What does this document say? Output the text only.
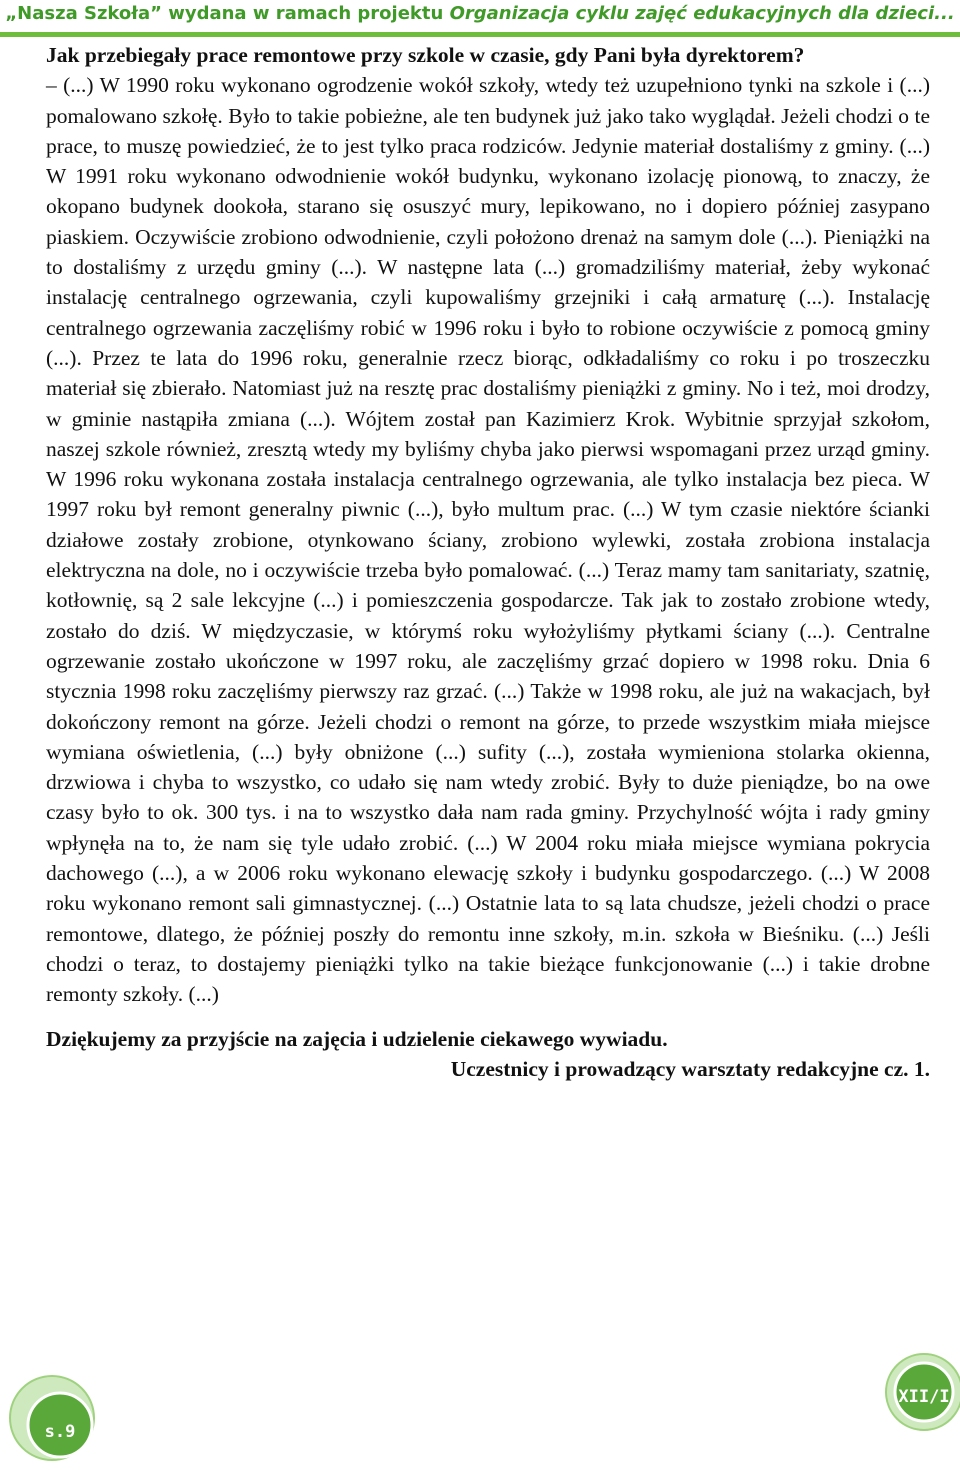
„Nasza Szkoła” wydana w ramach projektu Organizacja cyklu zajęć edukacyjnych dla dzieci...
Jak przebiegały prace remontowe przy szkole w czasie, gdy Pani była dyrektorem?
– (...) W 1990 roku wykonano ogrodzenie wokół szkoły, wtedy też uzupełniono tynki na szkole i (...) pomalowano szkołę. Było to takie pobieżne, ale ten budynek już jako tako wyglądał. Jeżeli chodzi o te prace, to muszę powiedzieć, że to jest tylko praca rodziców. Jedynie materiał dostaliśmy z gminy. (...) W 1991 roku wykonano odwodnienie wokół budynku, wykonano izolację pionową, to znaczy, że okopano budynek dookoła, starano się osuszyć mury, lepikowano, no i dopiero później zasypano piaskiem. Oczywiście zrobiono odwodnienie, czyli położono drenaż na samym dole (...). Pieniążki na to dostaliśmy z urzędu gminy (...). W następne lata (...) gromadziliśmy materiał, żeby wykonać instalację centralnego ogrzewania, czyli kupowaliśmy grzejniki i całą armaturę (...). Instalację centralnego ogrzewania zaczęliśmy robić w 1996 roku i było to robione oczywiście z pomocą gminy (...). Przez te lata do 1996 roku, generalnie rzecz biorąc, odkładaliśmy co roku i po troszeczku materiał się zbierało. Natomiast już na resztę prac dostaliśmy pieniążki z gminy. No i też, moi drodzy, w gminie nastąpiła zmiana (...). Wójtem został pan Kazimierz Krok. Wybitnie sprzyjał szkołom, naszej szkole również, zresztą wtedy my byliśmy chyba jako pierwsi wspomagani przez urząd gminy. W 1996 roku wykonana została instalacja centralnego ogrzewania, ale tylko instalacja bez pieca. W 1997 roku był remont generalny piwnic (...), było multum prac. (...) W tym czasie niektóre ścianki działowe zostały zrobione, otynkowano ściany, zrobiono wylewki, została zrobiona instalacja elektryczna na dole, no i oczywiście trzeba było pomalować. (...) Teraz mamy tam sanitariaty, szatnię, kotłownię, są 2 sale lekcyjne (...) i pomieszczenia gospodarcze. Tak jak to zostało zrobione wtedy, zostało do dziś. W międzyczasie, w którymś roku wyłożyliśmy płytkami ściany (...). Centralne ogrzewanie zostało ukończone w 1997 roku, ale zaczęliśmy grzać dopiero w 1998 roku. Dnia 6 stycznia 1998 roku zaczęliśmy pierwszy raz grzać. (...) Także w 1998 roku, ale już na wakacjach, był dokończony remont na górze. Jeżeli chodzi o remont na górze, to przede wszystkim miała miejsce wymiana oświetlenia, (...) były obniżone (...) sufity (...), została wymieniona stolarka okienna, drzwiowa i chyba to wszystko, co udało się nam wtedy zrobić. Były to duże pieniądze, bo na owe czasy było to ok. 300 tys. i na to wszystko dała nam rada gminy. Przychylność wójta i rady gminy wpłynęła na to, że nam się tyle udało zrobić. (...) W 2004 roku miała miejsce wymiana pokrycia dachowego (...), a w 2006 roku wykonano elewację szkoły i budynku gospodarczego. (...) W 2008 roku wykonano remont sali gimnastycznej. (...) Ostatnie lata to są lata chudsze, jeżeli chodzi o prace remontowe, dlatego, że później poszły do remontu inne szkoły, m.in. szkoła w Bieśniku. (...) Jeśli chodzi o teraz, to dostajemy pieniążki tylko na takie bieżące funkcjonowanie (...) i takie drobne remonty szkoły. (...)
Dziękujemy za przyjście na zajęcia i udzielenie ciekawego wywiadu.
Uczestnicy i prowadzący warsztaty redakcyjne cz. 1.
s.9
XII/I
